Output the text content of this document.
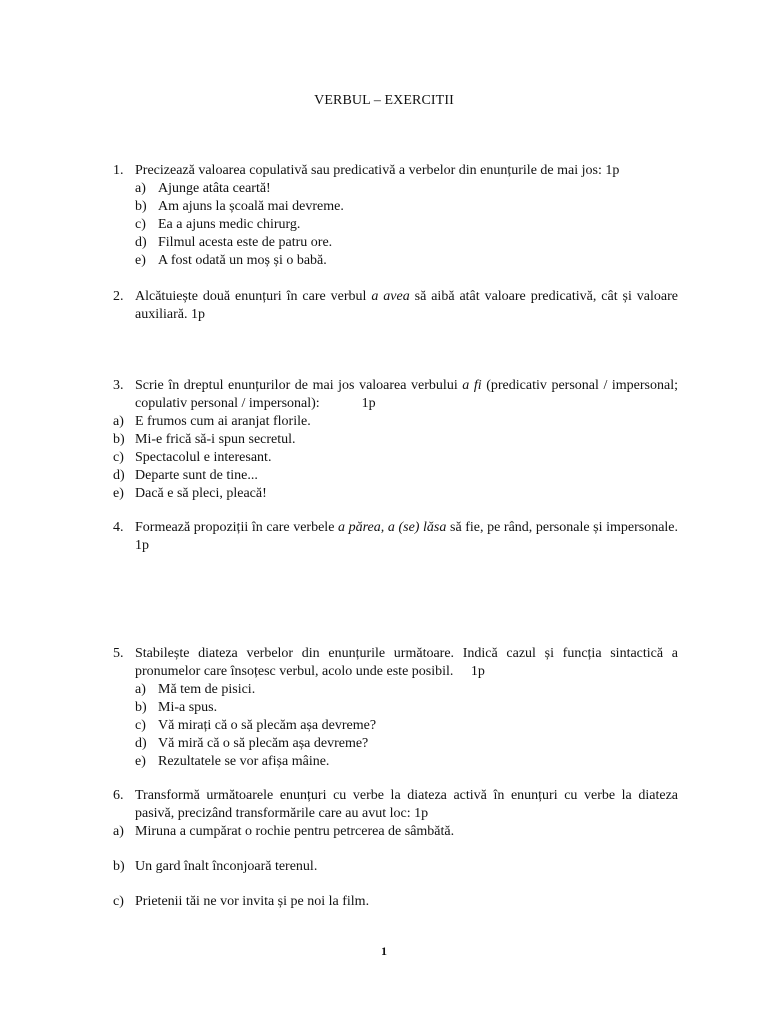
VERBUL – EXERCITII
1. Precizează valoarea copulativă sau predicativă a verbelor din enunțurile de mai jos: 1p
a) Ajunge atâta ceartă!
b) Am ajuns la școală mai devreme.
c) Ea a ajuns medic chirurg.
d) Filmul acesta este de patru ore.
e) A fost odată un moș și o babă.
2. Alcătuiește două enunțuri în care verbul a avea să aibă atât valoare predicativă, cât și valoare auxiliară. 1p
3. Scrie în dreptul enunțurilor de mai jos valoarea verbului a fi (predicativ personal / impersonal; copulativ personal / impersonal):            1p
a) E frumos cum ai aranjat florile.
b) Mi-e frică să-i spun secretul.
c) Spectacolul e interesant.
d) Departe sunt de tine...
e) Dacă e să pleci, pleacă!
4. Formează propoziții în care verbele a părea, a (se) lăsa să fie, pe rând, personale și impersonale. 1p
5. Stabilește diateza verbelor din enunțurile următoare. Indică cazul și funcția sintactică a pronumelor care însoțesc verbul, acolo unde este posibil.     1p
a) Mă tem de pisici.
b) Mi-a spus.
c) Vă mirați că o să plecăm așa devreme?
d) Vă miră că o să plecăm așa devreme?
e) Rezultatele se vor afișa mâine.
6. Transformă următoarele enunțuri cu verbe la diateza activă în enunțuri cu verbe la diateza pasivă, precizând transformările care au avut loc: 1p
a) Miruna a cumpărat o rochie pentru petrcerea de sâmbătă.
b) Un gard înalt înconjoară terenul.
c) Prietenii tăi ne vor invita și pe noi la film.
1
